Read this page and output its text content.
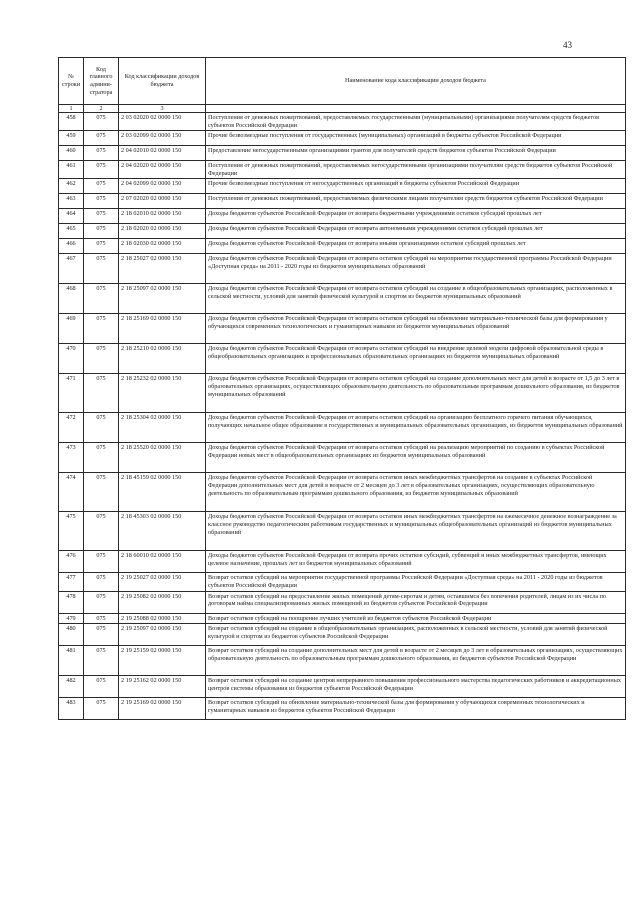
43
№ строки	Код главного админи-стратора	Код классификации доходов бюджета	Наименование кода классификации доходов бюджета
1	2	3	
458	075	2 03 02020 02 0000 150	Поступления от денежных пожертвований, предоставляемых государственными (муниципальными) организациями получателям средств бюджетов субъектов Российской Федерации
459	075	2 03 02099 02 0000 150	Прочие безвозмездные поступления от государственных (муниципальных) организаций в бюджеты субъектов Российской Федерации
460	075	2 04 02010 02 0000 150	Предоставление негосударственными организациями грантов для получателей средств бюджетов субъектов Российской Федерации
461	075	2 04 02020 02 0000 150	Поступления от денежных пожертвований, предоставляемых негосударственными организациями получателям средств бюджетов субъектов Российской Федерации
462	075	2 04 02099 02 0000 150	Прочие безвозмездные поступления от негосударственных организаций в бюджеты субъектов Российской Федерации
463	075	2 07 02020 02 0000 150	Поступления от денежных пожертвований, предоставляемых физическими лицами получателям средств бюджетов субъектов Российской Федерации
464	075	2 18 02010 02 0000 150	Доходы бюджетов субъектов Российской Федерации от возврата бюджетными учреждениями остатков субсидий прошлых лет
465	075	2 18 02020 02 0000 150	Доходы бюджетов субъектов Российской Федерации от возврата автономными учреждениями остатков субсидий прошлых лет
466	075	2 18 02030 02 0000 150	Доходы бюджетов субъектов Российской Федерации от возврата иными организациями остатков субсидий прошлых лет
467	075	2 18 25027 02 0000 150	Доходы бюджетов субъектов Российской Федерации от возврата остатков субсидий на мероприятия государственной программы Российской Федерации «Доступная среда» на 2011 - 2020 годы из бюджетов муниципальных образований
468	075	2 18 25097 02 0000 150	Доходы бюджетов субъектов Российской Федерации от возврата остатков субсидий на создание в общеобразовательных организациях, расположенных в сельской местности, условий для занятий физической культурой и спортом из бюджетов муниципальных образований
469	075	2 18 25169 02 0000 150	Доходы бюджетов субъектов Российской Федерации от возврата остатков субсидий на обновление материально-технической базы для формирования у обучающихся современных технологических и гуманитарных навыков из бюджетов муниципальных образований
470	075	2 18 25210 02 0000 150	Доходы бюджетов субъектов Российской Федерации от возврата остатков субсидий на внедрение целевой модели цифровой образовательной среды в общеобразовательных организациях и профессиональных образовательных организациях из бюджетов муниципальных образований
471	075	2 18 25232 02 0000 150	Доходы бюджетов субъектов Российской Федерации от возврата остатков субсидий на создание дополнительных мест для детей в возрасте от 1,5 до 3 лет в образовательных организациях, осуществляющих образовательную деятельность по образовательным программам дошкольного образования, из бюджетов муниципальных образований
472	075	2 18 25304 02 0000 150	Доходы бюджетов субъектов Российской Федерации от возврата остатков субсидий на организацию бесплатного горячего питания обучающихся, получающих начальное общее образование в государственных и муниципальных образовательных организациях, из бюджетов муниципальных образований
473	075	2 18 25520 02 0000 150	Доходы бюджетов субъектов Российской Федерации от возврата остатков субсидий на реализацию мероприятий по созданию в субъектах Российской Федерации новых мест в общеобразовательных организациях из бюджетов муниципальных образований
474	075	2 18 45159 02 0000 150	Доходы бюджетов субъектов Российской Федерации от возврата остатков иных межбюджетных трансфертов на создание в субъектах Российской Федерации дополнительных мест для детей в возрасте от 2 месяцев до 3 лет в образовательных организациях, осуществляющих образовательную деятельность по образовательным программам дошкольного образования, из бюджетов муниципальных образований
475	075	2 18 45303 02 0000 150	Доходы бюджетов субъектов Российской Федерации от возврата остатков иных межбюджетных трансфертов на ежемесячное денежное вознаграждение за классное руководство педагогическим работникам государственных и муниципальных общеобразовательных организаций из бюджетов муниципальных образований
476	075	2 18 60010 02 0000 150	Доходы бюджетов субъектов Российской Федерации от возврата прочих остатков субсидий, субвенций и иных межбюджетных трансфертов, имеющих целевое назначение, прошлых лет из бюджетов муниципальных образований
477	075	2 19 25027 02 0000 150	Возврат остатков субсидий на мероприятия государственной программы Российской Федерации «Доступная среда» на 2011 - 2020 годы из бюджетов субъектов Российской Федерации
478	075	2 19 25082 02 0000 150	Возврат остатков субсидий на предоставление жилых помещений детям-сиротам и детям, оставшимся без попечения родителей, лицам из их числа по договорам найма специализированных жилых помещений из бюджетов субъектов Российской Федерации
479	075	2 19 25088 02 0000 150	Возврат остатков субсидий на поощрение лучших учителей из бюджетов субъектов Российской Федерации
480	075	2 19 25097 02 0000 150	Возврат остатков субсидий на создание в общеобразовательных организациях, расположенных в сельской местности, условий для занятий физической культурой и спортом из бюджетов субъектов Российской Федерации
481	075	2 19 25159 02 0000 150	Возврат остатков субсидий на создание дополнительных мест для детей в возрасте от 2 месяцев до 3 лет в образовательных организациях, осуществляющих образовательную деятельность по образовательным программам дошкольного образования, из бюджетов субъектов Российской Федерации
482	075	2 19 25162 02 0000 150	Возврат остатков субсидий на создание центров непрерывного повышения профессионального мастерства педагогических работников и аккредитационных центров системы образования из бюджетов субъектов Российской Федерации
483	075	2 19 25169 02 0000 150	Возврат остатков субсидий на обновление материально-технической базы для формирования у обучающихся современных технологических и гуманитарных навыков из бюджетов субъектов Российской Федерации
